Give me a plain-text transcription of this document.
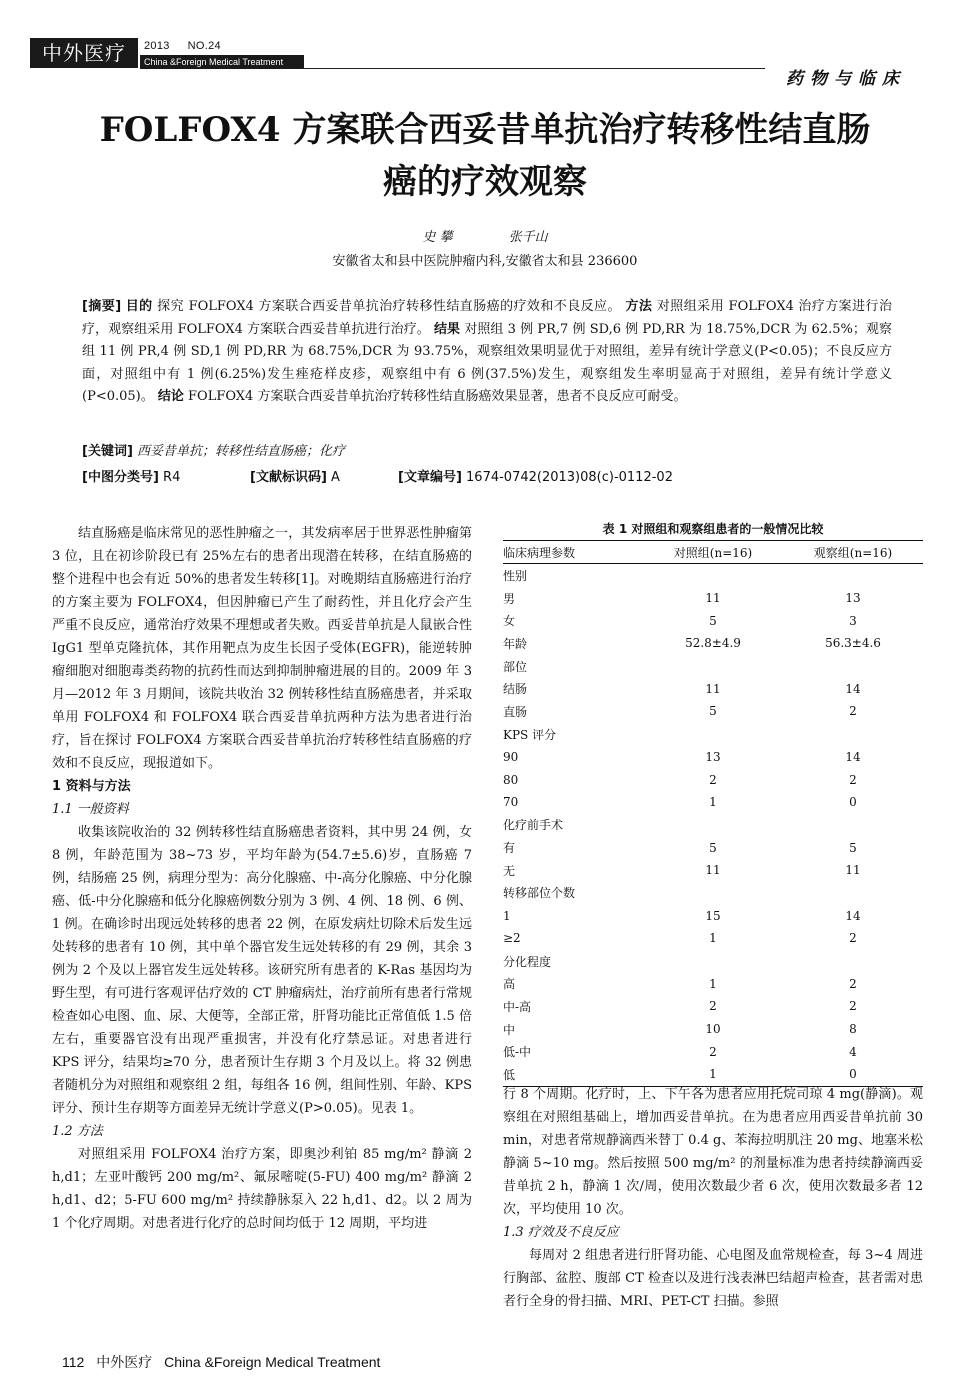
中外医疗	2013 NO.24
China &Foreign Medical Treatment
药物与临床
FOLFOX4 方案联合西妥昔单抗治疗转移性结直肠
癌的疗效观察
史 攀	张千山
安徽省太和县中医院肿瘤内科,安徽省太和县 236600
[摘要] 目的 探究 FOLFOX4 方案联合西妥昔单抗治疗转移性结直肠癌的疗效和不良反应。 方法 对照组采用 FOLFOX4 治疗方案进行治疗，观察组采用 FOLFOX4 方案联合西妥昔单抗进行治疗。 结果 对照组 3 例 PR,7 例 SD,6 例 PD,RR 为 18.75%,DCR 为 62.5%；观察组 11 例 PR,4 例 SD,1 例 PD,RR 为 68.75%,DCR 为 93.75%，观察组效果明显优于对照组，差异有统计学意义(P<0.05)；不良反应方面，对照组中有 1 例(6.25%)发生痤疮样皮疹，观察组中有 6 例(37.5%)发生，观察组发生率明显高于对照组，差异有统计学意义(P<0.05)。 结论 FOLFOX4 方案联合西妥昔单抗治疗转移性结直肠癌效果显著，患者不良反应可耐受。
[关键词] 西妥昔单抗；转移性结直肠癌；化疗
[中图分类号] R4	[文献标识码] A	[文章编号] 1674-0742(2013)08(c)-0112-02

结直肠癌是临床常见的恶性肿瘤之一，其发病率居于世界恶性肿瘤第 3 位，且在初诊阶段已有 25%左右的患者出现潜在转移，在结直肠癌的整个进程中也会有近 50%的患者发生转移[1]。对晚期结直肠癌进行治疗的方案主要为 FOLFOX4，但因肿瘤已产生了耐药性，并且化疗会产生严重不良反应，通常治疗效果不理想或者失败。西妥昔单抗是人鼠嵌合性 IgG1 型单克隆抗体，其作用靶点为皮生长因子受体(EGFR)，能逆转肿瘤细胞对细胞毒类药物的抗药性而达到抑制肿瘤进展的目的。2009 年 3 月—2012 年 3 月期间，该院共收治 32 例转移性结直肠癌患者，并采取单用 FOLFOX4 和 FOLFOX4 联合西妥昔单抗两种方法为患者进行治疗，旨在探讨 FOLFOX4 方案联合西妥昔单抗治疗转移性结直肠癌的疗效和不良反应，现报道如下。

1 资料与方法
1.1 一般资料

收集该院收治的 32 例转移性结直肠癌患者资料，其中男 24 例，女 8 例，年龄范围为 38~73 岁，平均年龄为(54.7±5.6)岁，直肠癌 7 例，结肠癌 25 例，病理分型为：高分化腺癌、中-高分化腺癌、中分化腺癌、低-中分化腺癌和低分化腺癌例数分别为 3 例、4 例、18 例、6 例、1 例。在确诊时出现远处转移的患者 22 例，在原发病灶切除术后发生远处转移的患者有 10 例，其中单个器官发生远处转移的有 29 例，其余 3 例为 2 个及以上器官发生远处转移。该研究所有患者的 K-Ras 基因均为野生型，有可进行客观评估疗效的 CT 肿瘤病灶，治疗前所有患者行常规检查如心电图、血、尿、大便等，全部正常，肝肾功能比正常值低 1.5 倍左右，重要器官没有出现严重损害，并没有化疗禁忌证。对患者进行 KPS 评分，结果均≥70 分，患者预计生存期 3 个月及以上。将 32 例患者随机分为对照组和观察组 2 组，每组各 16 例，组间性别、年龄、KPS 评分、预计生存期等方面差异无统计学意义(P>0.05)。见表 1。

1.2 方法

对照组采用 FOLFOX4 治疗方案，即奥沙利铂 85 mg/m² 静滴 2 h,d1；左亚叶酸钙 200 mg/m²、氟尿嘧啶(5-FU) 400 mg/m² 静滴 2 h,d1、d2；5-FU 600 mg/m² 持续静脉泵入 22 h,d1、d2。以 2 周为 1 个化疗周期。对患者进行化疗的总时间均低于 12 周期，平均进

表 1 对照组和观察组患者的一般情况比较
临床病理参数	对照组(n=16)	观察组(n=16)
性别		
男	11	13
女	5	3
年龄	52.8±4.9	56.3±4.6
部位		
结肠	11	14
直肠	5	2
KPS 评分		
90	13	14
80	2	2
70	1	0
化疗前手术		
有	5	5
无	11	11
转移部位个数		
1	15	14
≥2	1	2
分化程度		
高	1	2
中-高	2	2
中	10	8
低-中	2	4
低	1	0

行 8 个周期。化疗时，上、下午各为患者应用托烷司琼 4 mg(静滴)。观察组在对照组基础上，增加西妥昔单抗。在为患者应用西妥昔单抗前 30 min，对患者常规静滴西米替丁 0.4 g、苯海拉明肌注 20 mg、地塞米松静滴 5~10 mg。然后按照 500 mg/m² 的剂量标准为患者持续静滴西妥昔单抗 2 h，静滴 1 次/周，使用次数最少者 6 次，使用次数最多者 12 次，平均使用 10 次。

1.3 疗效及不良反应

每周对 2 组患者进行肝肾功能、心电图及血常规检查，每 3~4 周进行胸部、盆腔、腹部 CT 检查以及进行浅表淋巴结超声检查，甚者需对患者行全身的骨扫描、MRI、PET-CT 扫描。参照

112 中外医疗 China &Foreign Medical Treatment
